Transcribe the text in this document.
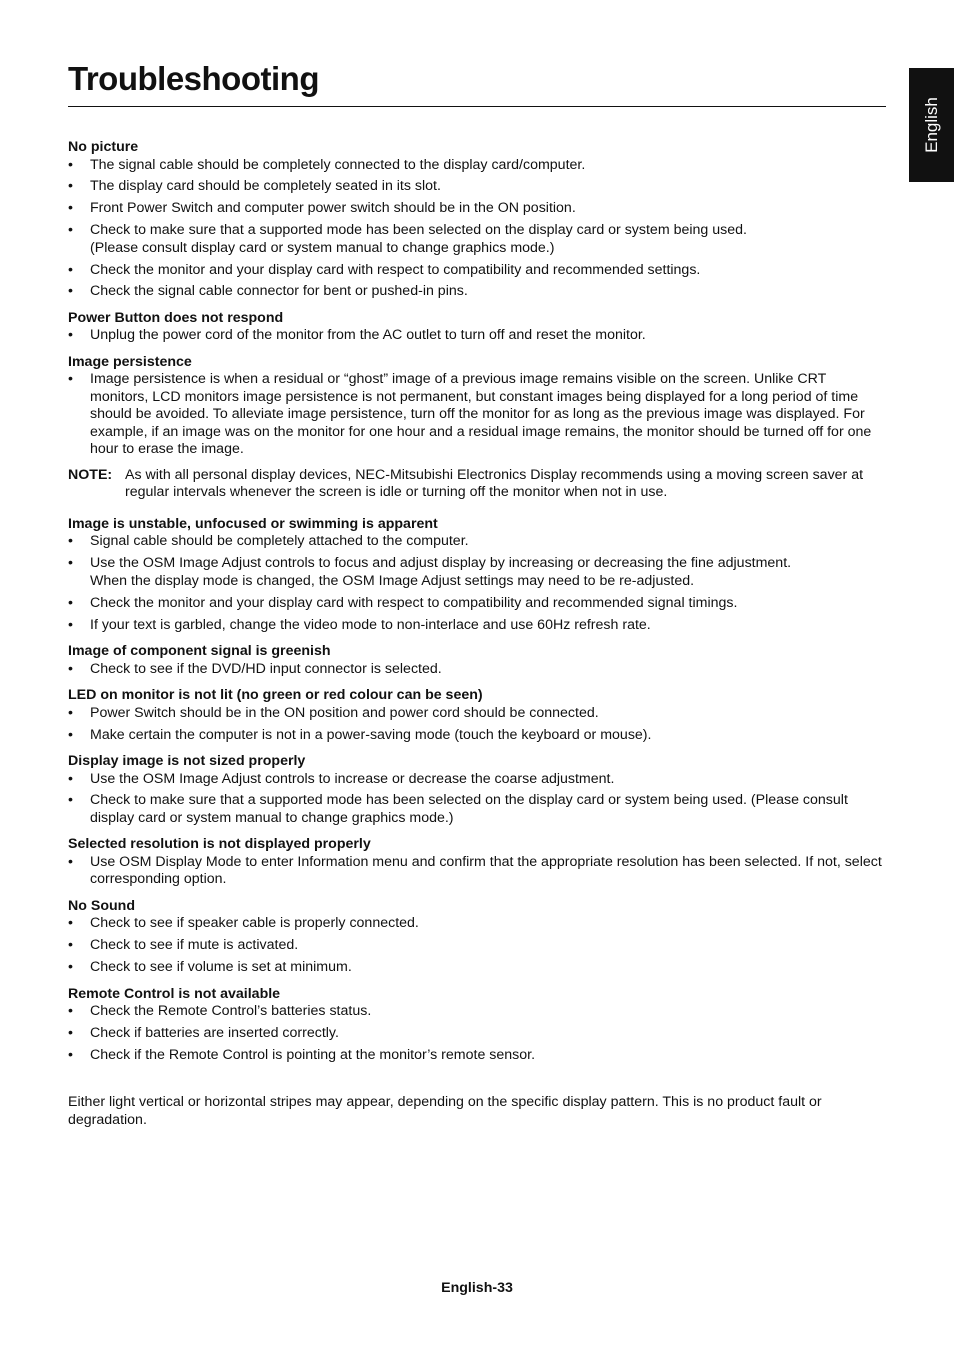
Troubleshooting
English

No picture

• The signal cable should be completely connected to the display card/computer.
• The display card should be completely seated in its slot.
• Front Power Switch and computer power switch should be in the ON position.
• Check to make sure that a supported mode has been selected on the display card or system being used.
(Please consult display card or system manual to change graphics mode.)
• Check the monitor and your display card with respect to compatibility and recommended settings.
• Check the signal cable connector for bent or pushed-in pins.

Power Button does not respond

• Unplug the power cord of the monitor from the AC outlet to turn off and reset the monitor.

Image persistence

• Image persistence is when a residual or “ghost” image of a previous image remains visible on the screen. Unlike CRT monitors, LCD monitors image persistence is not permanent, but constant images being displayed for a long period of time should be avoided. To alleviate image persistence, turn off the monitor for as long as the previous image was displayed. For example, if an image was on the monitor for one hour and a residual image remains, the monitor should be turned off for one hour to erase the image.
NOTE: As with all personal display devices, NEC-Mitsubishi Electronics Display recommends using a moving screen saver at regular intervals whenever the screen is idle or turning off the monitor when not in use.

Image is unstable, unfocused or swimming is apparent

• Signal cable should be completely attached to the computer.
• Use the OSM Image Adjust controls to focus and adjust display by increasing or decreasing the fine adjustment.
When the display mode is changed, the OSM Image Adjust settings may need to be re-adjusted.
• Check the monitor and your display card with respect to compatibility and recommended signal timings.
• If your text is garbled, change the video mode to non-interlace and use 60Hz refresh rate.

Image of component signal is greenish

• Check to see if the DVD/HD input connector is selected.

LED on monitor is not lit (no green or red colour can be seen)

• Power Switch should be in the ON position and power cord should be connected.
• Make certain the computer is not in a power-saving mode (touch the keyboard or mouse).

Display image is not sized properly

• Use the OSM Image Adjust controls to increase or decrease the coarse adjustment.
• Check to make sure that a supported mode has been selected on the display card or system being used. (Please consult display card or system manual to change graphics mode.)

Selected resolution is not displayed properly

• Use OSM Display Mode to enter Information menu and confirm that the appropriate resolution has been selected. If not, select corresponding option.

No Sound

• Check to see if speaker cable is properly connected.
• Check to see if mute is activated.
• Check to see if volume is set at minimum.

Remote Control is not available

• Check the Remote Control’s batteries status.
• Check if batteries are inserted correctly.
• Check if the Remote Control is pointing at the monitor’s remote sensor.

Either light vertical or horizontal stripes may appear, depending on the specific display pattern. This is no product fault or degradation.

English-33
